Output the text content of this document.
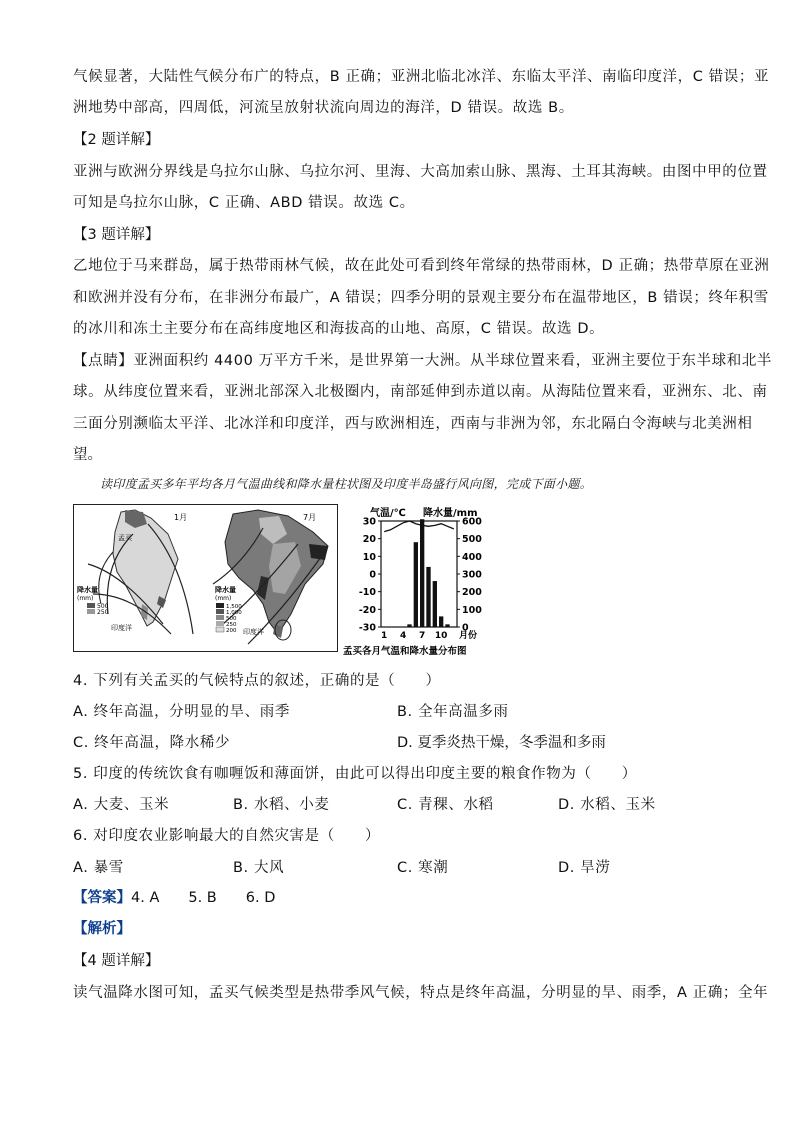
气候显著，大陆性气候分布广的特点，B 正确；亚洲北临北冰洋、东临太平洋、南临印度洋，C 错误；亚
洲地势中部高，四周低，河流呈放射状流向周边的海洋，D 错误。故选 B。
【2 题详解】
亚洲与欧洲分界线是乌拉尔山脉、乌拉尔河、里海、大高加索山脉、黑海、土耳其海峡。由图中甲的位置
可知是乌拉尔山脉，C 正确、ABD 错误。故选 C。
【3 题详解】
乙地位于马来群岛，属于热带雨林气候，故在此处可看到终年常绿的热带雨林，D 正确；热带草原在亚洲
和欧洲并没有分布，在非洲分布最广，A 错误；四季分明的景观主要分布在温带地区，B 错误；终年积雪
的冰川和冻土主要分布在高纬度地区和海拔高的山地、高原，C 错误。故选 D。
【点睛】亚洲面积约 4400 万平方千米，是世界第一大洲。从半球位置来看，亚洲主要位于东半球和北半
球。从纬度位置来看，亚洲北部深入北极圈内，南部延伸到赤道以南。从海陆位置来看，亚洲东、北、南
三面分别濒临太平洋、北冰洋和印度洋，西与欧洲相连，西南与非洲为邻，东北隔白令海峡与北美洲相
望。
读印度孟买多年平均各月气温曲线和降水量柱状图及印度半岛盛行风向图，完成下面小题。
1月
孟买
降水量
(mm)
500
250
印度洋
7月
降水量
(mm)
1,500
1,000
500
250
200 印度洋
气温/℃ 降水量/mm
30
20
10
0
-10
-20
-30
600
500
400
300
200
100
0
1 4 7 10 月份
孟买各月气温和降水量分布图
4. 下列有关孟买的气候特点的叙述，正确的是（　　）
A. 终年高温，分明显的旱、雨季	B. 全年高温多雨
C. 终年高温，降水稀少	D. 夏季炎热干燥，冬季温和多雨
5. 印度的传统饮食有咖喱饭和薄面饼，由此可以得出印度主要的粮食作物为（　　）
A. 大麦、玉米	B. 水稻、小麦	C. 青稞、水稻	D. 水稻、玉米
6. 对印度农业影响最大的自然灾害是（　　）
A. 暴雪	B. 大风	C. 寒潮	D. 旱涝
【答案】4. A　　5. B　　6. D
【解析】
【4 题详解】
读气温降水图可知，孟买气候类型是热带季风气候，特点是终年高温，分明显的旱、雨季，A 正确；全年
